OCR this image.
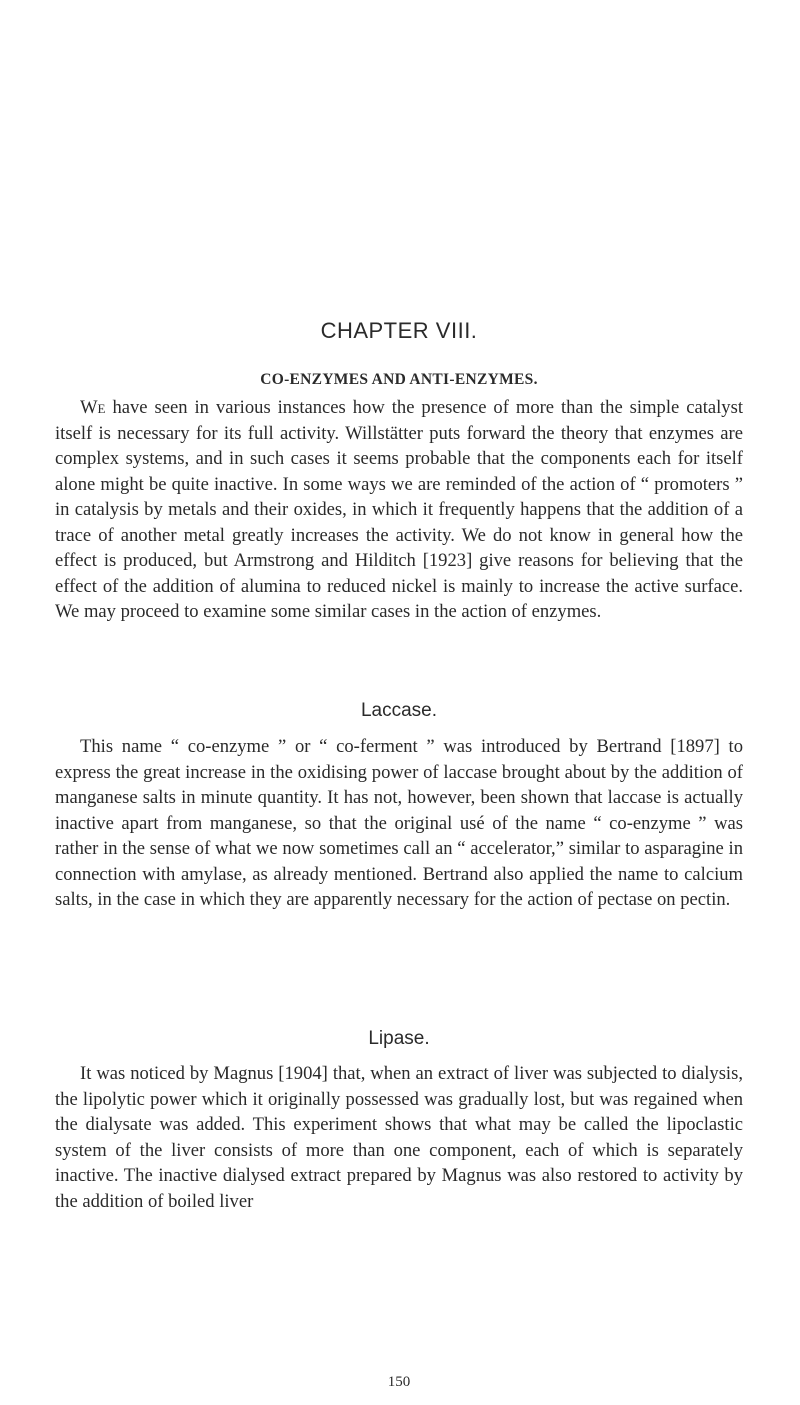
CHAPTER VIII.
CO-ENZYMES AND ANTI-ENZYMES.

We have seen in various instances how the presence of more than the simple catalyst itself is necessary for its full activity. Willstätter puts forward the theory that enzymes are complex systems, and in such cases it seems probable that the components each for itself alone might be quite inactive. In some ways we are reminded of the action of “ promoters ” in catalysis by metals and their oxides, in which it frequently happens that the addition of a trace of another metal greatly increases the activity. We do not know in general how the effect is produced, but Armstrong and Hilditch [1923] give reasons for believing that the effect of the addition of alumina to reduced nickel is mainly to increase the active surface. We may proceed to examine some similar cases in the action of enzymes.

Laccase.

This name “ co-enzyme ” or “ co-ferment ” was introduced by Bertrand [1897] to express the great increase in the oxidising power of laccase brought about by the addition of manganese salts in minute quantity. It has not, however, been shown that laccase is actually inactive apart from manganese, so that the original usé of the name “ co-enzyme ” was rather in the sense of what we now sometimes call an “ accelerator,” similar to asparagine in connection with amylase, as already mentioned. Bertrand also applied the name to calcium salts, in the case in which they are apparently necessary for the action of pectase on pectin.

Lipase.

It was noticed by Magnus [1904] that, when an extract of liver was subjected to dialysis, the lipolytic power which it originally possessed was gradually lost, but was regained when the dialysate was added. This experiment shows that what may be called the lipoclastic system of the liver consists of more than one component, each of which is separately inactive. The inactive dialysed extract prepared by Magnus was also restored to activity by the addition of boiled liver

150
